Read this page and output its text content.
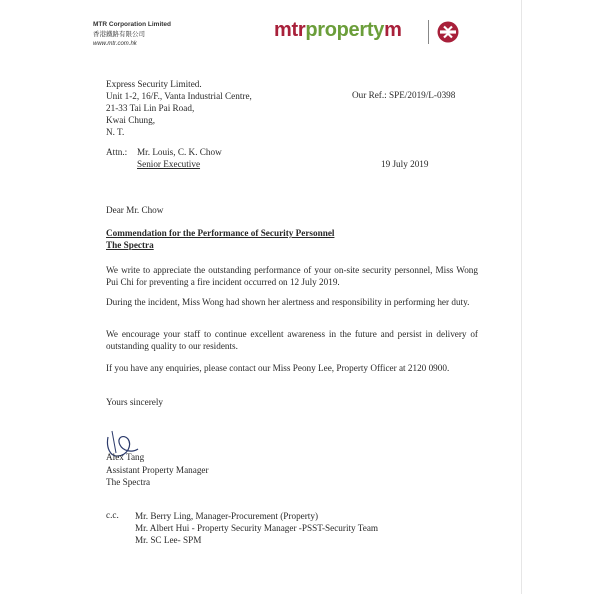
MTR Corporation Limited
香港鐵路有限公司
www.mtr.com.hk
mtrpropertym
Express Security Limited.
Unit 1-2, 16/F., Vanta Industrial Centre,
21-33 Tai Lin Pai Road,
Kwai Chung,
N. T.
Our Ref.: SPE/2019/L-0398
Attn.: Mr. Louis, C. K. Chow
Senior Executive	19 July 2019
Dear Mr. Chow
Commendation for the Performance of Security Personnel
The Spectra
We write to appreciate the outstanding performance of your on-site security personnel, Miss Wong Pui Chi for preventing a fire incident occurred on 12 July 2019.
During the incident, Miss Wong had shown her alertness and responsibility in performing her duty.
We encourage your staff to continue excellent awareness in the future and persist in delivery of outstanding quality to our residents.
If you have any enquiries, please contact our Miss Peony Lee, Property Officer at 2120 0900.
Yours sincerely
Alex Tang
Assistant Property Manager
The Spectra
c.c. Mr. Berry Ling, Manager-Procurement (Property)
Mr. Albert Hui - Property Security Manager -PSST-Security Team
Mr. SC Lee- SPM
